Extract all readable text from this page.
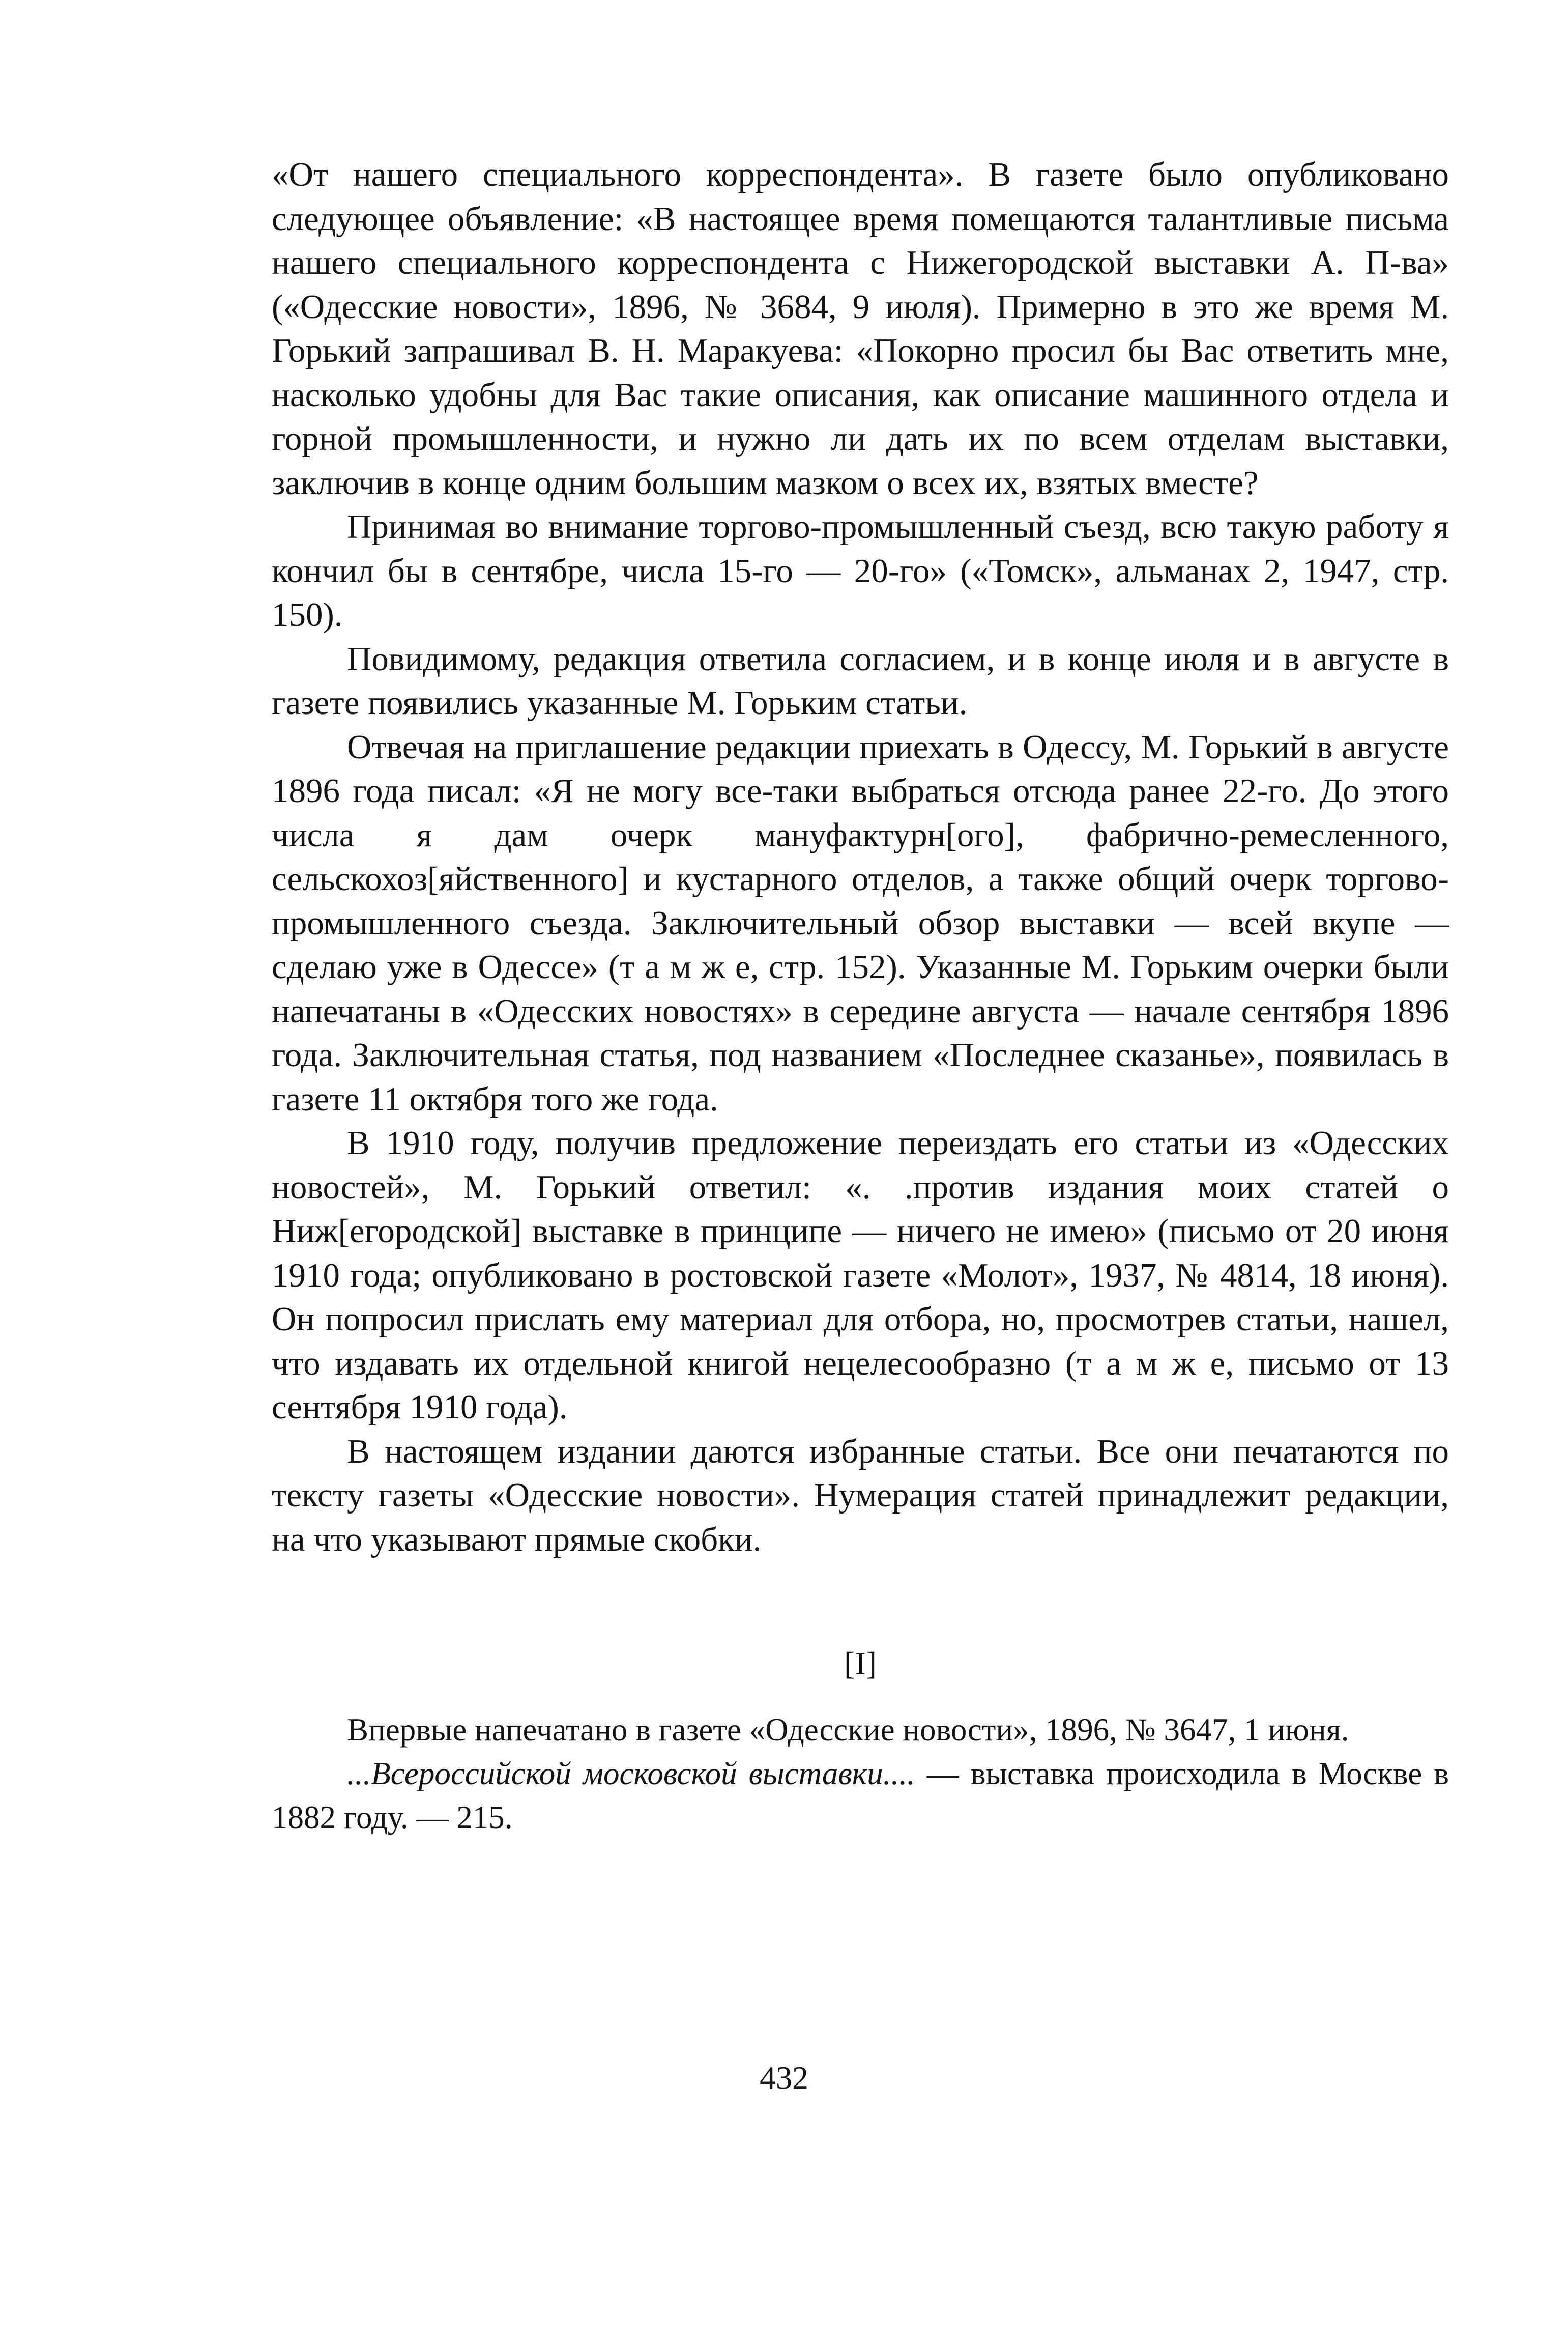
«От нашего специального корреспондента». В газете было опубликовано следующее объявление: «В настоящее время помещаются талантливые письма нашего специального корреспондента с Нижегородской выставки А. П-ва» («Одесские новости», 1896, № 3684, 9 июля). Примерно в это же время М. Горький запрашивал В. Н. Маракуева: «Покорно просил бы Вас ответить мне, насколько удобны для Вас такие описания, как описание машинного отдела и горной промышленности, и нужно ли дать их по всем отделам выставки, заключив в конце одним большим мазком о всех их, взятых вместе?

Принимая во внимание торгово-промышленный съезд, всю такую работу я кончил бы в сентябре, числа 15-го — 20-го» («Томск», альманах 2, 1947, стр. 150).

Повидимому, редакция ответила согласием, и в конце июля и в августе в газете появились указанные М. Горьким статьи.

Отвечая на приглашение редакции приехать в Одессу, М. Горький в августе 1896 года писал: «Я не могу все-таки выбраться отсюда ранее 22-го. До этого числа я дам очерк мануфактурн[ого], фабрично-ремесленного, сельскохоз[яйственного] и кустарного отделов, а также общий очерк торгово-промышленного съезда. Заключительный обзор выставки — всей вкупе — сделаю уже в Одессе» (т а м ж е, стр. 152). Указанные М. Горьким очерки были напечатаны в «Одесских новостях» в середине августа — начале сентября 1896 года. Заключительная статья, под названием «Последнее сказанье», появилась в газете 11 октября того же года.

В 1910 году, получив предложение переиздать его статьи из «Одесских новостей», М. Горький ответил: «. .против издания моих статей о Ниж[егородской] выставке в принципе — ничего не имею» (письмо от 20 июня 1910 года; опубликовано в ростовской газете «Молот», 1937, № 4814, 18 июня). Он попросил прислать ему материал для отбора, но, просмотрев статьи, нашел, что издавать их отдельной книгой нецелесообразно (т а м ж е, письмо от 13 сентября 1910 года).

В настоящем издании даются избранные статьи. Все они печатаются по тексту газеты «Одесские новости». Нумерация статей принадлежит редакции, на что указывают прямые скобки.

[I]

Впервые напечатано в газете «Одесские новости», 1896, № 3647, 1 июня.

...Всероссийской московской выставки.... — выставка происходила в Москве в 1882 году. — 215.

432
